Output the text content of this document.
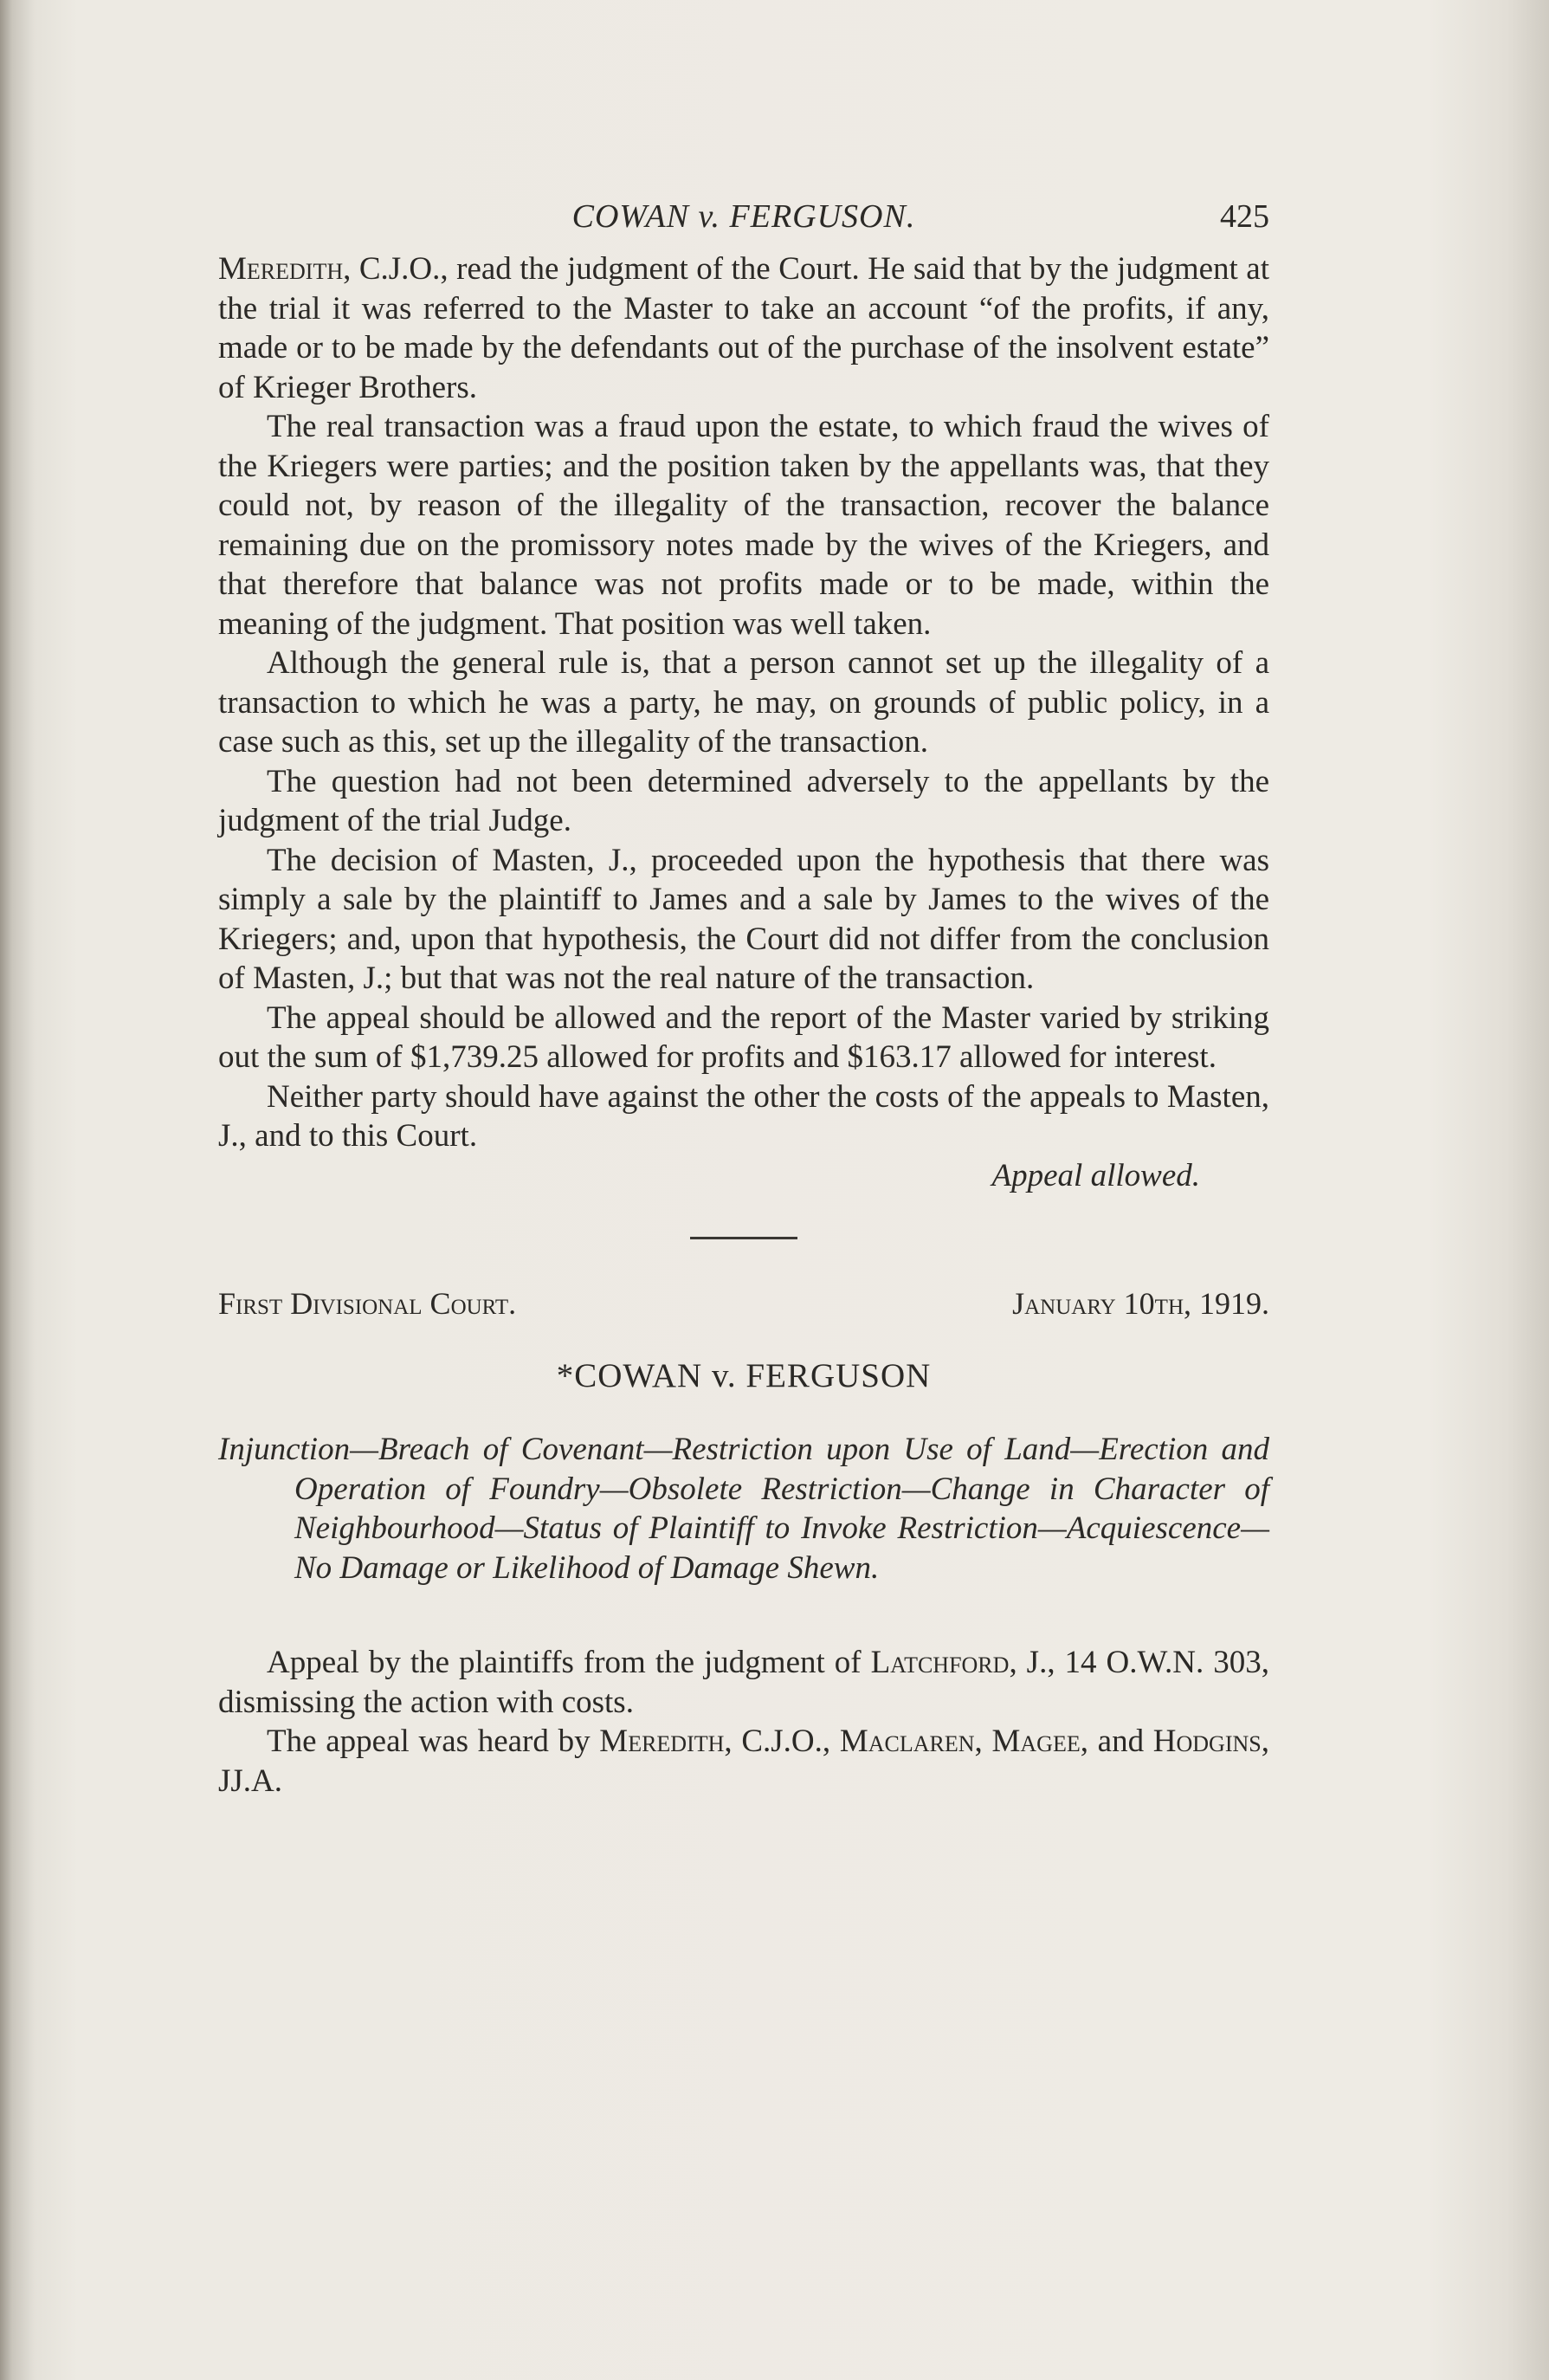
COWAN v. FERGUSON.	425

Meredith, C.J.O., read the judgment of the Court. He said that by the judgment at the trial it was referred to the Master to take an account “of the profits, if any, made or to be made by the defendants out of the purchase of the insolvent estate” of Krieger Brothers.

The real transaction was a fraud upon the estate, to which fraud the wives of the Kriegers were parties; and the position taken by the appellants was, that they could not, by reason of the illegality of the transaction, recover the balance remaining due on the promissory notes made by the wives of the Kriegers, and that therefore that balance was not profits made or to be made, within the meaning of the judgment. That position was well taken.

Although the general rule is, that a person cannot set up the illegality of a transaction to which he was a party, he may, on grounds of public policy, in a case such as this, set up the illegality of the transaction.

The question had not been determined adversely to the appellants by the judgment of the trial Judge.

The decision of Masten, J., proceeded upon the hypothesis that there was simply a sale by the plaintiff to James and a sale by James to the wives of the Kriegers; and, upon that hypothesis, the Court did not differ from the conclusion of Masten, J.; but that was not the real nature of the transaction.

The appeal should be allowed and the report of the Master varied by striking out the sum of $1,739.25 allowed for profits and $163.17 allowed for interest.

Neither party should have against the other the costs of the appeals to Masten, J., and to this Court.

Appeal allowed.
First Divisional Court.	January 10th, 1919.
*COWAN v. FERGUSON
Injunction—Breach of Covenant—Restriction upon Use of Land—Erection and Operation of Foundry—Obsolete Restriction—Change in Character of Neighbourhood—Status of Plaintiff to Invoke Restriction—Acquiescence—No Damage or Likelihood of Damage Shewn.

Appeal by the plaintiffs from the judgment of Latchford, J., 14 O.W.N. 303, dismissing the action with costs.

The appeal was heard by Meredith, C.J.O., Maclaren, Magee, and Hodgins, JJ.A.
